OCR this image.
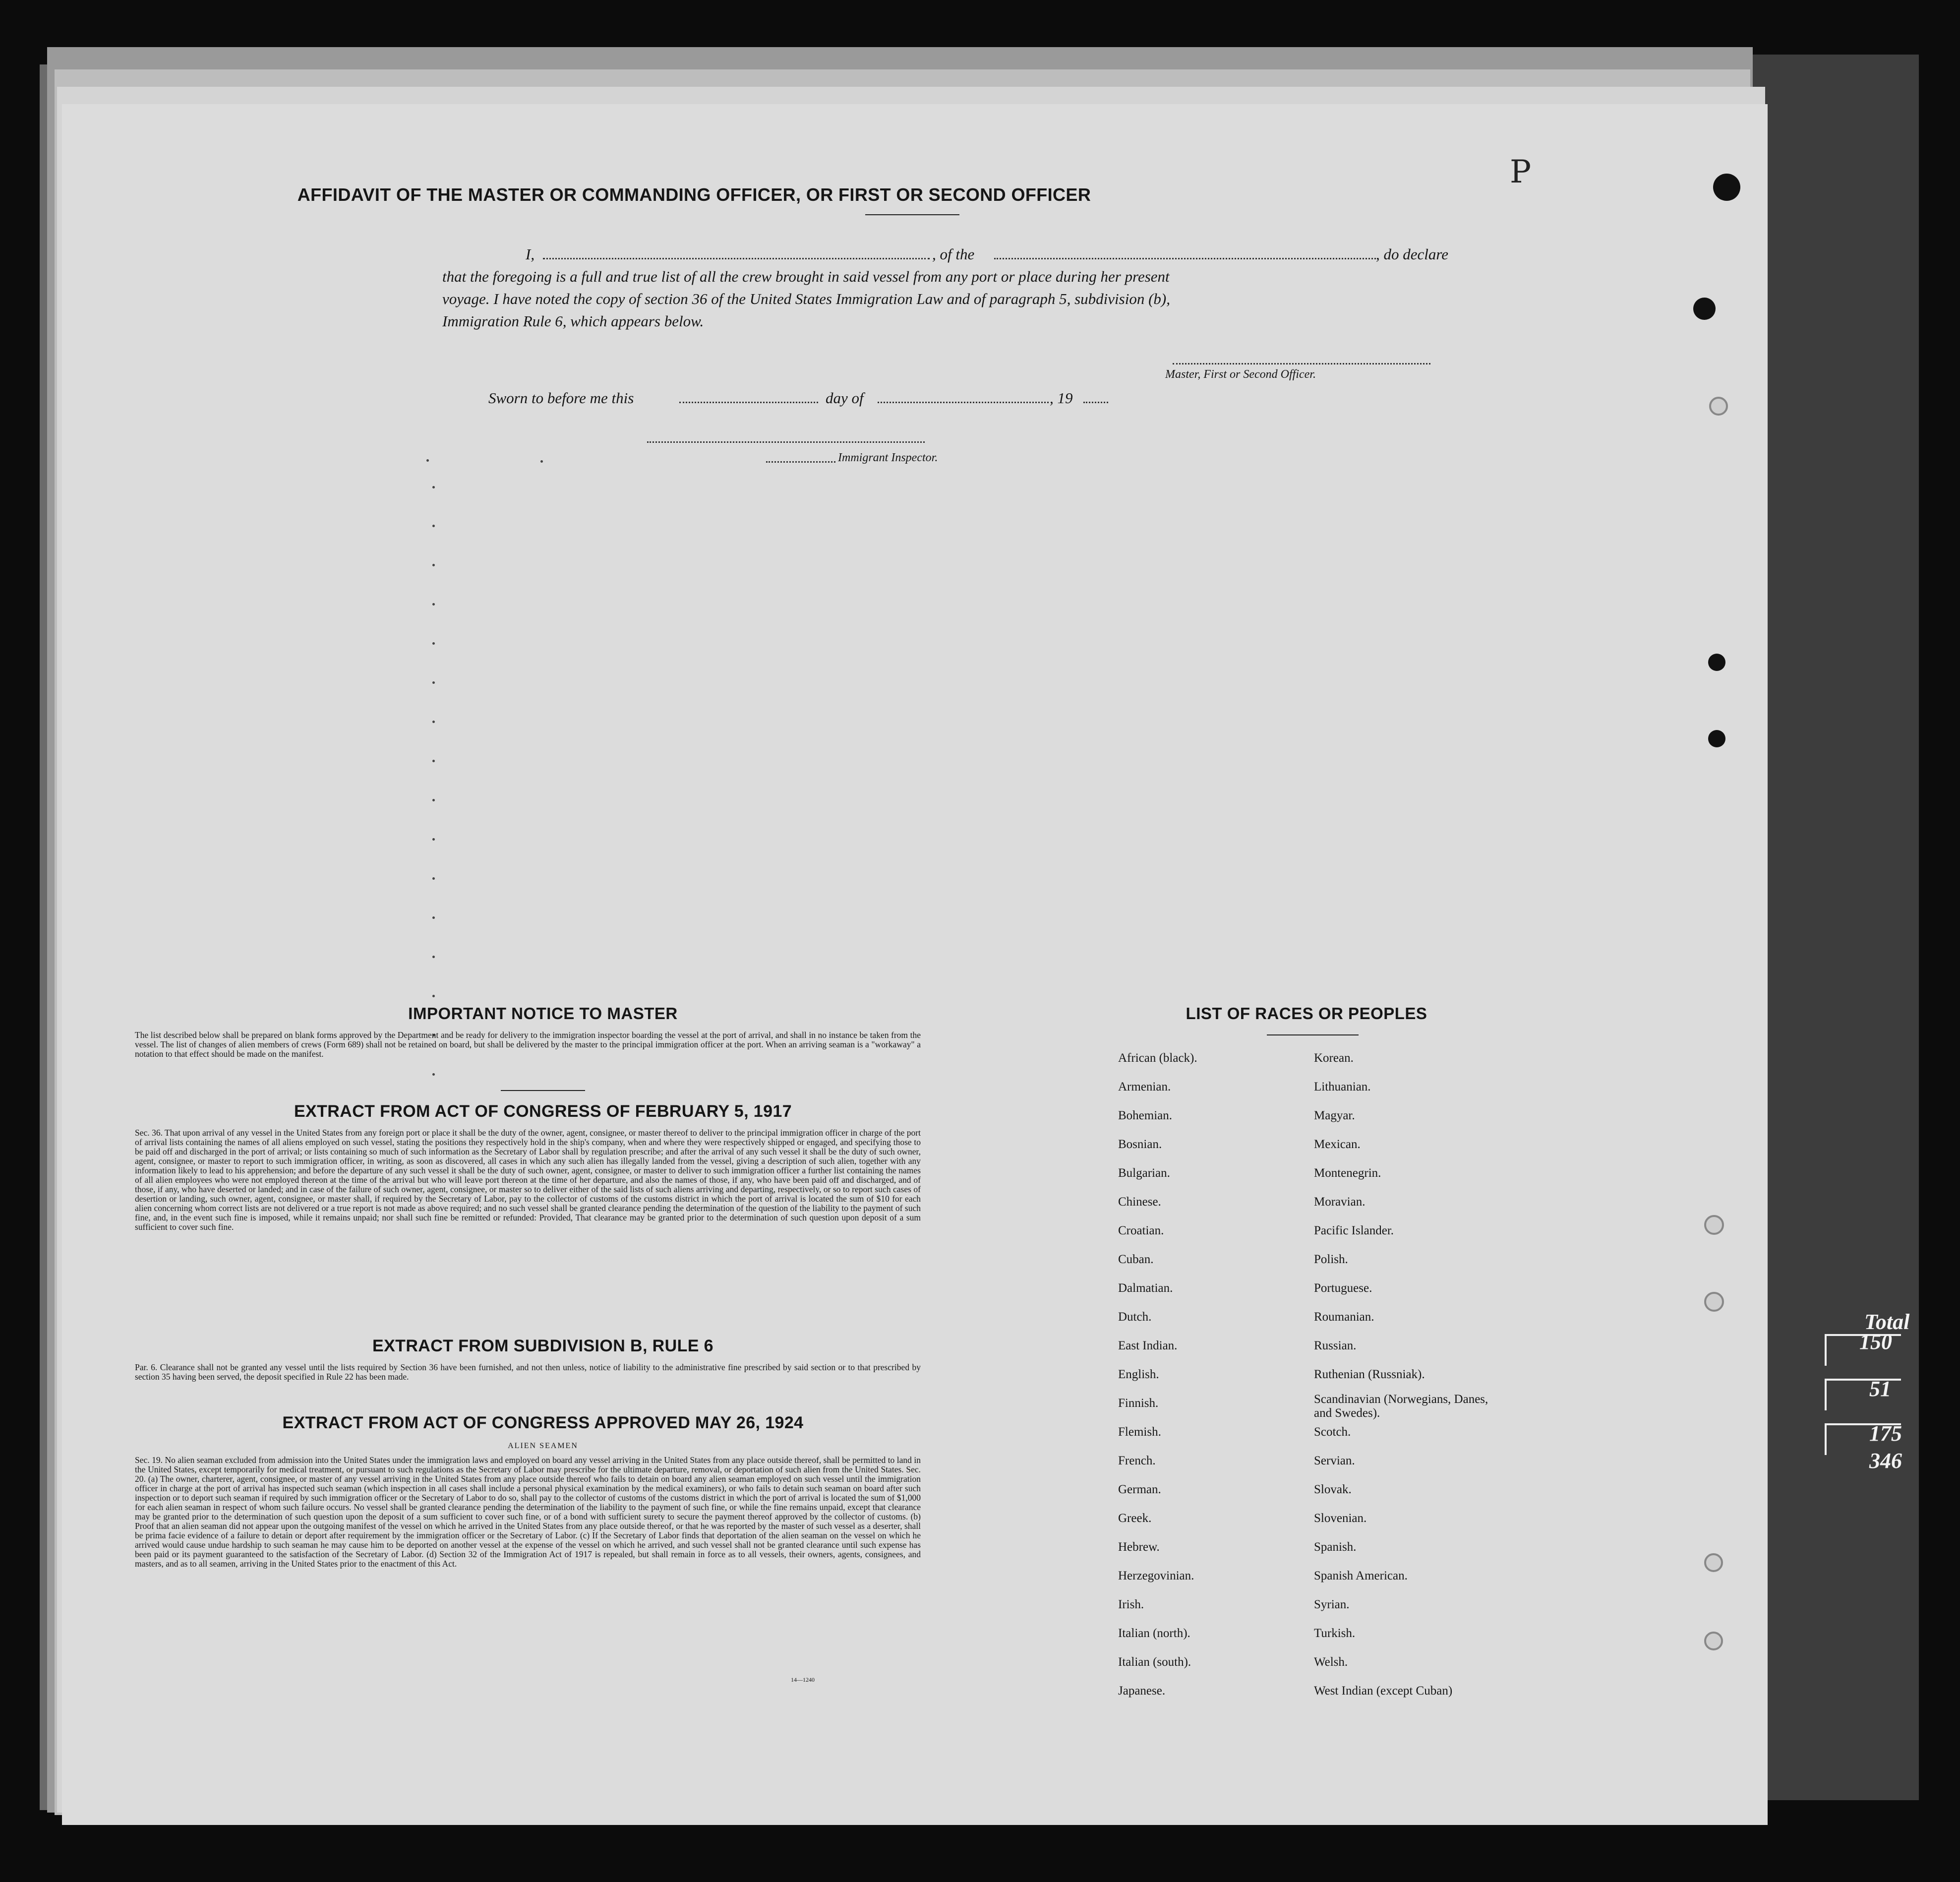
Total
150
51
175
346
AFFIDAVIT OF THE MASTER OR COMMANDING OFFICER, OR FIRST OR SECOND OFFICER
I,	, of the	, do declare
that the foregoing is a full and true list of all the crew brought in said vessel from any port or place during her present
voyage. I have noted the copy of section 36 of the United States Immigration Law and of paragraph 5, subdivision (b),
Immigration Rule 6, which appears below.
Master, First or Second Officer.
Sworn to before me this	day of	, 19
Immigrant Inspector.
IMPORTANT NOTICE TO MASTER
The list described below shall be prepared on blank forms approved by the Department and be ready for delivery to the immigration inspector boarding the vessel at the port of arrival, and shall in no instance be taken from the vessel. The list of changes of alien members of crews (Form 689) shall not be retained on board, but shall be delivered by the master to the principal immigration officer at the port. When an arriving seaman is a "workaway" a notation to that effect should be made on the manifest.
EXTRACT FROM ACT OF CONGRESS OF FEBRUARY 5, 1917
Sec. 36. That upon arrival of any vessel in the United States from any foreign port or place it shall be the duty of the owner, agent, consignee, or master thereof to deliver to the principal immigration officer in charge of the port of arrival lists containing the names of all aliens employed on such vessel, stating the positions they respectively hold in the ship's company, when and where they were respectively shipped or engaged, and specifying those to be paid off and discharged in the port of arrival; or lists containing so much of such information as the Secretary of Labor shall by regulation prescribe; and after the arrival of any such vessel it shall be the duty of such owner, agent, consignee, or master to report to such immigration officer, in writing, as soon as discovered, all cases in which any such alien has illegally landed from the vessel, giving a description of such alien, together with any information likely to lead to his apprehension; and before the departure of any such vessel it shall be the duty of such owner, agent, consignee, or master to deliver to such immigration officer a further list containing the names of all alien employees who were not employed thereon at the time of the arrival but who will leave port thereon at the time of her departure, and also the names of those, if any, who have been paid off and discharged, and of those, if any, who have deserted or landed; and in case of the failure of such owner, agent, consignee, or master so to deliver either of the said lists of such aliens arriving and departing, respectively, or so to report such cases of desertion or landing, such owner, agent, consignee, or master shall, if required by the Secretary of Labor, pay to the collector of customs of the customs district in which the port of arrival is located the sum of $10 for each alien concerning whom correct lists are not delivered or a true report is not made as above required; and no such vessel shall be granted clearance pending the determination of the question of the liability to the payment of such fine, and, in the event such fine is imposed, while it remains unpaid; nor shall such fine be remitted or refunded: Provided, That clearance may be granted prior to the determination of such question upon deposit of a sum sufficient to cover such fine.
EXTRACT FROM SUBDIVISION B, RULE 6
Par. 6. Clearance shall not be granted any vessel until the lists required by Section 36 have been furnished, and not then unless, notice of liability to the administrative fine prescribed by said section or to that prescribed by section 35 having been served, the deposit specified in Rule 22 has been made.
EXTRACT FROM ACT OF CONGRESS APPROVED MAY 26, 1924
ALIEN SEAMEN
Sec. 19. No alien seaman excluded from admission into the United States under the immigration laws and employed on board any vessel arriving in the United States from any place outside thereof, shall be permitted to land in the United States, except temporarily for medical treatment, or pursuant to such regulations as the Secretary of Labor may prescribe for the ultimate departure, removal, or deportation of such alien from the United States. Sec. 20. (a) The owner, charterer, agent, consignee, or master of any vessel arriving in the United States from any place outside thereof who fails to detain on board any alien seaman employed on such vessel until the immigration officer in charge at the port of arrival has inspected such seaman (which inspection in all cases shall include a personal physical examination by the medical examiners), or who fails to detain such seaman on board after such inspection or to deport such seaman if required by such immigration officer or the Secretary of Labor to do so, shall pay to the collector of customs of the customs district in which the port of arrival is located the sum of $1,000 for each alien seaman in respect of whom such failure occurs. No vessel shall be granted clearance pending the determination of the liability to the payment of such fine, or while the fine remains unpaid, except that clearance may be granted prior to the determination of such question upon the deposit of a sum sufficient to cover such fine, or of a bond with sufficient surety to secure the payment thereof approved by the collector of customs. (b) Proof that an alien seaman did not appear upon the outgoing manifest of the vessel on which he arrived in the United States from any place outside thereof, or that he was reported by the master of such vessel as a deserter, shall be prima facie evidence of a failure to detain or deport after requirement by the immigration officer or the Secretary of Labor. (c) If the Secretary of Labor finds that deportation of the alien seaman on the vessel on which he arrived would cause undue hardship to such seaman he may cause him to be deported on another vessel at the expense of the vessel on which he arrived, and such vessel shall not be granted clearance until such expense has been paid or its payment guaranteed to the satisfaction of the Secretary of Labor. (d) Section 32 of the Immigration Act of 1917 is repealed, but shall remain in force as to all vessels, their owners, agents, consignees, and masters, and as to all seamen, arriving in the United States prior to the enactment of this Act.
14—1240
LIST OF RACES OR PEOPLES
African (black).
Armenian.
Bohemian.
Bosnian.
Bulgarian.
Chinese.
Croatian.
Cuban.
Dalmatian.
Dutch.
East Indian.
English.
Finnish.
Flemish.
French.
German.
Greek.
Hebrew.
Herzegovinian.
Irish.
Italian (north).
Italian (south).
Japanese.
Korean.
Lithuanian.
Magyar.
Mexican.
Montenegrin.
Moravian.
Pacific Islander.
Polish.
Portuguese.
Roumanian.
Russian.
Ruthenian (Russniak).
Scandinavian (Norwegians, Danes, and Swedes).
Scotch.
Servian.
Slovak.
Slovenian.
Spanish.
Spanish American.
Syrian.
Turkish.
Welsh.
West Indian (except Cuban)
P
